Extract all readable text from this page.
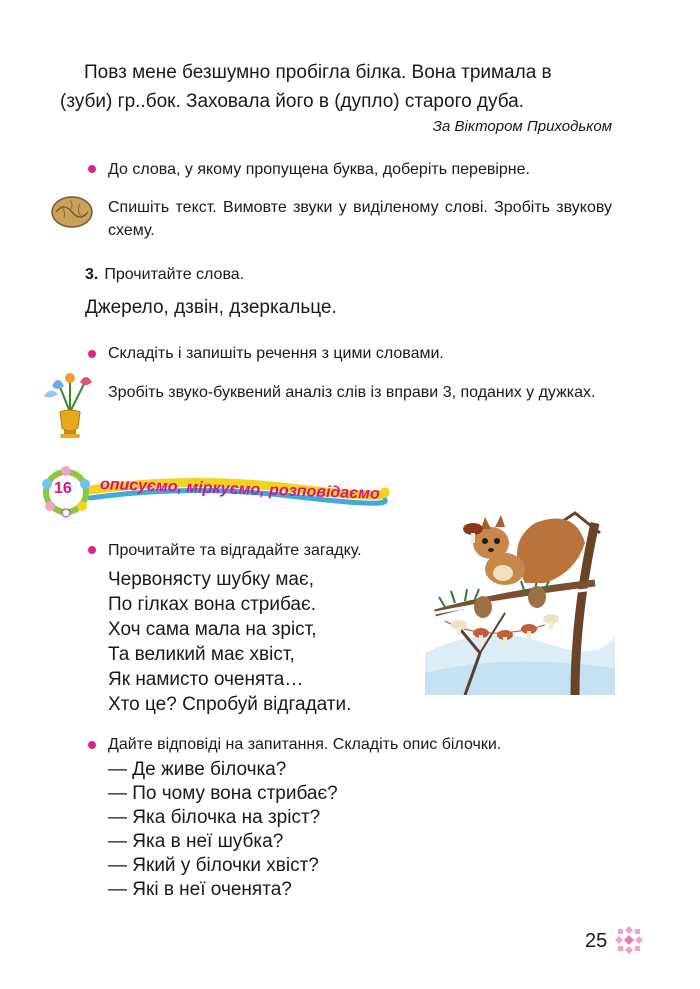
Повз мене безшумно пробігла білка. Вона тримала в
(зуби) гр..бок. Заховала його в (дупло) старого дуба.
За Віктором Приходьком
До слова, у якому пропущена буква, доберіть перевірне.
Спишіть текст. Вимовте звуки у виділеному слові. Зробіть звукову схему.
3. Прочитайте слова.
Джерело, дзвін, дзеркальце.
Складіть і запишіть речення з цими словами.
Зробіть звуко-буквений аналіз слів із вправи 3, поданих у дужках.
16 описуємо, міркуємо, розповідаємо
Прочитайте та відгадайте загадку.
Червонясту шубку має,
По гілках вона стрибає.
Хоч сама мала на зріст,
Та великий має хвіст,
Як намисто оченята…
Хто це? Спробуй відгадати.
Дайте відповіді на запитання. Складіть опис білочки.
— Де живе білочка?
— По чому вона стрибає?
— Яка білочка на зріст?
— Яка в неї шубка?
— Який у білочки хвіст?
— Які в неї оченята?
25
